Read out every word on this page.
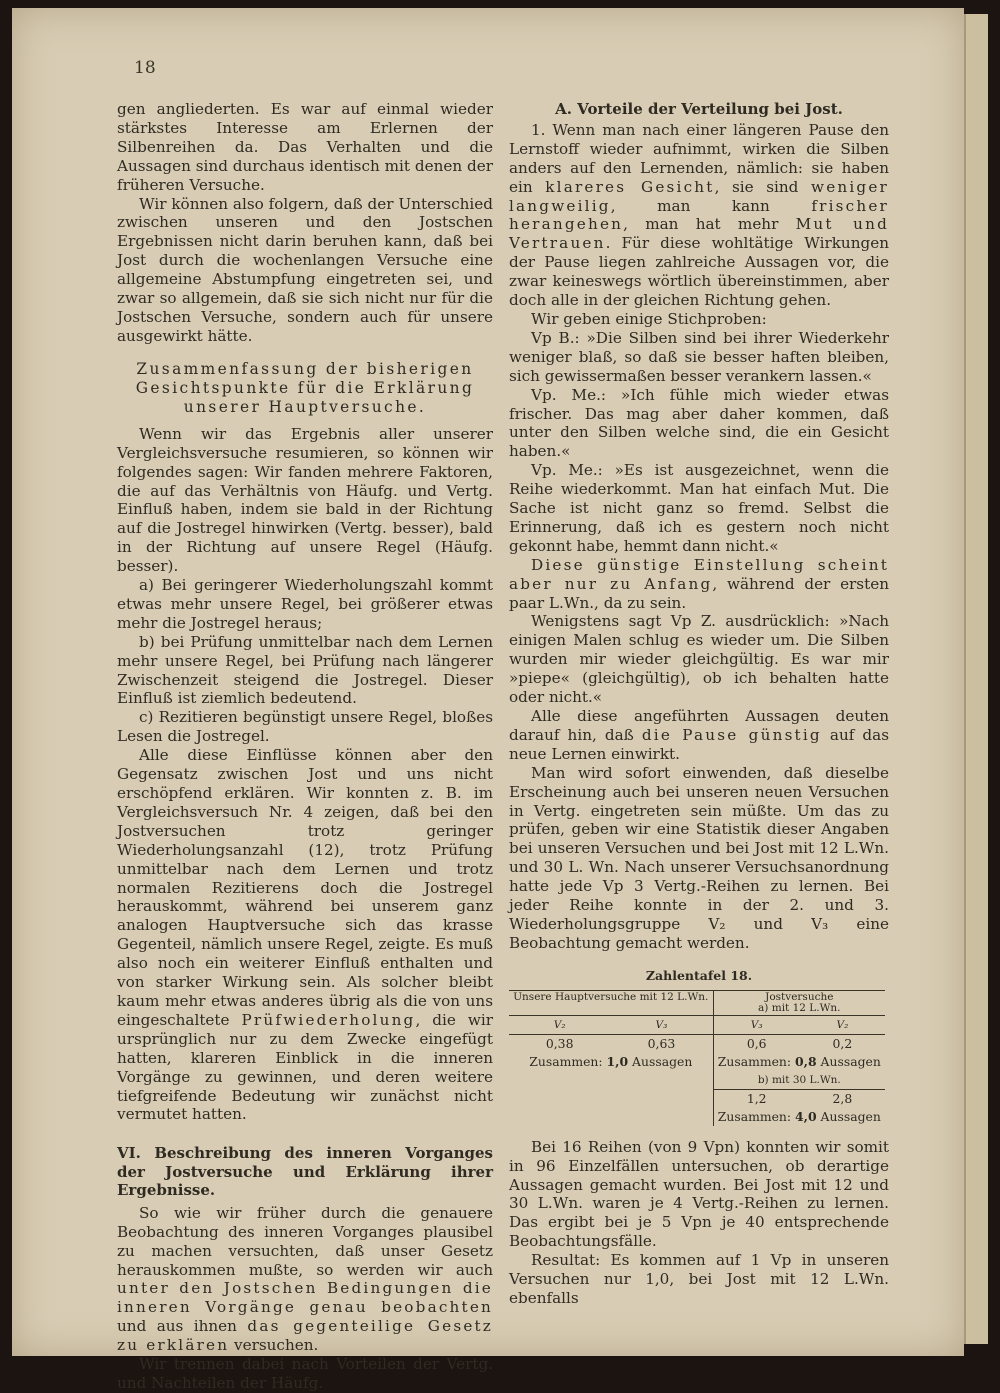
18

gen angliederten. Es war auf einmal wieder stärkstes Interesse am Erlernen der Silbenreihen da. Das Verhalten und die Aussagen sind durchaus identisch mit denen der früheren Versuche.

Wir können also folgern, daß der Unterschied zwischen unseren und den Jostschen Ergebnissen nicht darin beruhen kann, daß bei Jost durch die wochenlangen Versuche eine allgemeine Abstumpfung eingetreten sei, und zwar so allgemein, daß sie sich nicht nur für die Jostschen Versuche, sondern auch für unsere ausgewirkt hätte.

Zusammenfassung der bisherigen
Gesichtspunkte für die Erklärung
unserer Hauptversuche.

Wenn wir das Ergebnis aller unserer Vergleichsversuche resumieren, so können wir folgendes sagen: Wir fanden mehrere Faktoren, die auf das Verhältnis von Häufg. und Vertg. Einfluß haben, indem sie bald in der Richtung auf die Jostregel hinwirken (Vertg. besser), bald in der Richtung auf unsere Regel (Häufg. besser).

a) Bei geringerer Wiederholungszahl kommt etwas mehr unsere Regel, bei größerer etwas mehr die Jostregel heraus;

b) bei Prüfung unmittelbar nach dem Lernen mehr unsere Regel, bei Prüfung nach längerer Zwischenzeit steigend die Jostregel. Dieser Einfluß ist ziemlich bedeutend.

c) Rezitieren begünstigt unsere Regel, bloßes Lesen die Jostregel.

Alle diese Einflüsse können aber den Gegensatz zwischen Jost und uns nicht erschöpfend erklären. Wir konnten z. B. im Vergleichsversuch Nr. 4 zeigen, daß bei den Jostversuchen trotz geringer Wiederholungsanzahl (12), trotz Prüfung unmittelbar nach dem Lernen und trotz normalen Rezitierens doch die Jostregel herauskommt, während bei unserem ganz analogen Hauptversuche sich das krasse Gegenteil, nämlich unsere Regel, zeigte. Es muß also noch ein weiterer Einfluß enthalten und von starker Wirkung sein. Als solcher bleibt kaum mehr etwas anderes übrig als die von uns eingeschaltete Prüfwiederholung, die wir ursprünglich nur zu dem Zwecke eingefügt hatten, klareren Einblick in die inneren Vorgänge zu gewinnen, und deren weitere tiefgreifende Bedeutung wir zunächst nicht vermutet hatten.

VI. Beschreibung des inneren Vorganges der Jostversuche und Erklärung ihrer Ergebnisse.

So wie wir früher durch die genauere Beobachtung des inneren Vorganges plausibel zu machen versuchten, daß unser Gesetz herauskommen mußte, so werden wir auch unter den Jostschen Bedingungen die inneren Vorgänge genau beobachten und aus ihnen das gegenteilige Gesetz zu erklären versuchen.

Wir trennen dabei nach Vorteilen der Vertg. und Nachteilen der Häufg.

A. Vorteile der Verteilung bei Jost.

1. Wenn man nach einer längeren Pause den Lernstoff wieder aufnimmt, wirken die Silben anders auf den Lernenden, nämlich: sie haben ein klareres Gesicht, sie sind weniger langweilig, man kann	frischer herangehen, man hat mehr Mut und Vertrauen. Für diese wohltätige Wirkungen der Pause liegen zahlreiche Aussagen vor, die zwar keineswegs wörtlich übereinstimmen, aber doch alle in der gleichen Richtung gehen.

Wir geben einige Stichproben:

Vp B.: »Die Silben sind bei ihrer Wiederkehr weniger blaß, so daß sie besser haften bleiben, sich gewissermaßen besser verankern lassen.«

Vp. Me.: »Ich fühle mich wieder etwas frischer. Das mag aber daher kommen, daß unter den Silben welche sind, die ein Gesicht haben.«

Vp. Me.: »Es ist ausgezeichnet, wenn die Reihe wiederkommt. Man hat einfach Mut. Die Sache ist nicht ganz so fremd. Selbst die Erinnerung, daß ich es gestern noch nicht gekonnt habe, hemmt dann nicht.«

Diese günstige Einstellung scheint aber nur zu Anfang, während der ersten paar L.Wn., da zu sein.

Wenigstens sagt Vp Z. ausdrücklich: »Nach einigen Malen schlug es wieder um. Die Silben wurden mir wieder gleichgültig. Es war mir »piepe« (gleichgültig), ob ich behalten hatte oder nicht.«

Alle diese angeführten Aussagen deuten darauf hin, daß die Pause günstig auf das neue Lernen einwirkt.

Man wird sofort einwenden, daß dieselbe Erscheinung auch bei unseren neuen Versuchen in Vertg. eingetreten sein müßte. Um das zu prüfen, geben wir eine Statistik dieser Angaben bei unseren Versuchen und bei Jost mit 12 L.Wn. und 30 L. Wn. Nach unserer Versuchsanordnung hatte jede Vp 3 Vertg.-Reihen zu lernen. Bei jeder Reihe konnte in der 2. und 3. Wiederholungsgruppe V₂ und V₃ eine Beobachtung gemacht werden.

Zahlentafel 18.
Unsere Hauptversuche mit 12 L.Wn.		Jostversuche
a) mit 12 L.Wn.	

V₂	V₃	V₃	V₂
0,38	0,63	0,6	0,2
Zusammen: 1,0 Aussagen		Zusammen: 0,8 Aussagen	
		b) mit 30 L.Wn.	
		1,2	2,8
		Zusammen: 4,0 Aussagen	

Bei 16 Reihen (von 9 Vpn) konnten wir somit in 96 Einzelfällen untersuchen, ob derartige Aussagen gemacht wurden. Bei Jost mit 12 und 30 L.Wn. waren je 4 Vertg.-Reihen zu lernen. Das ergibt bei je 5 Vpn je 40 entsprechende Beobachtungsfälle.

Resultat: Es kommen auf 1 Vp in unseren Versuchen nur 1,0, bei Jost mit 12 L.Wn. ebenfalls
